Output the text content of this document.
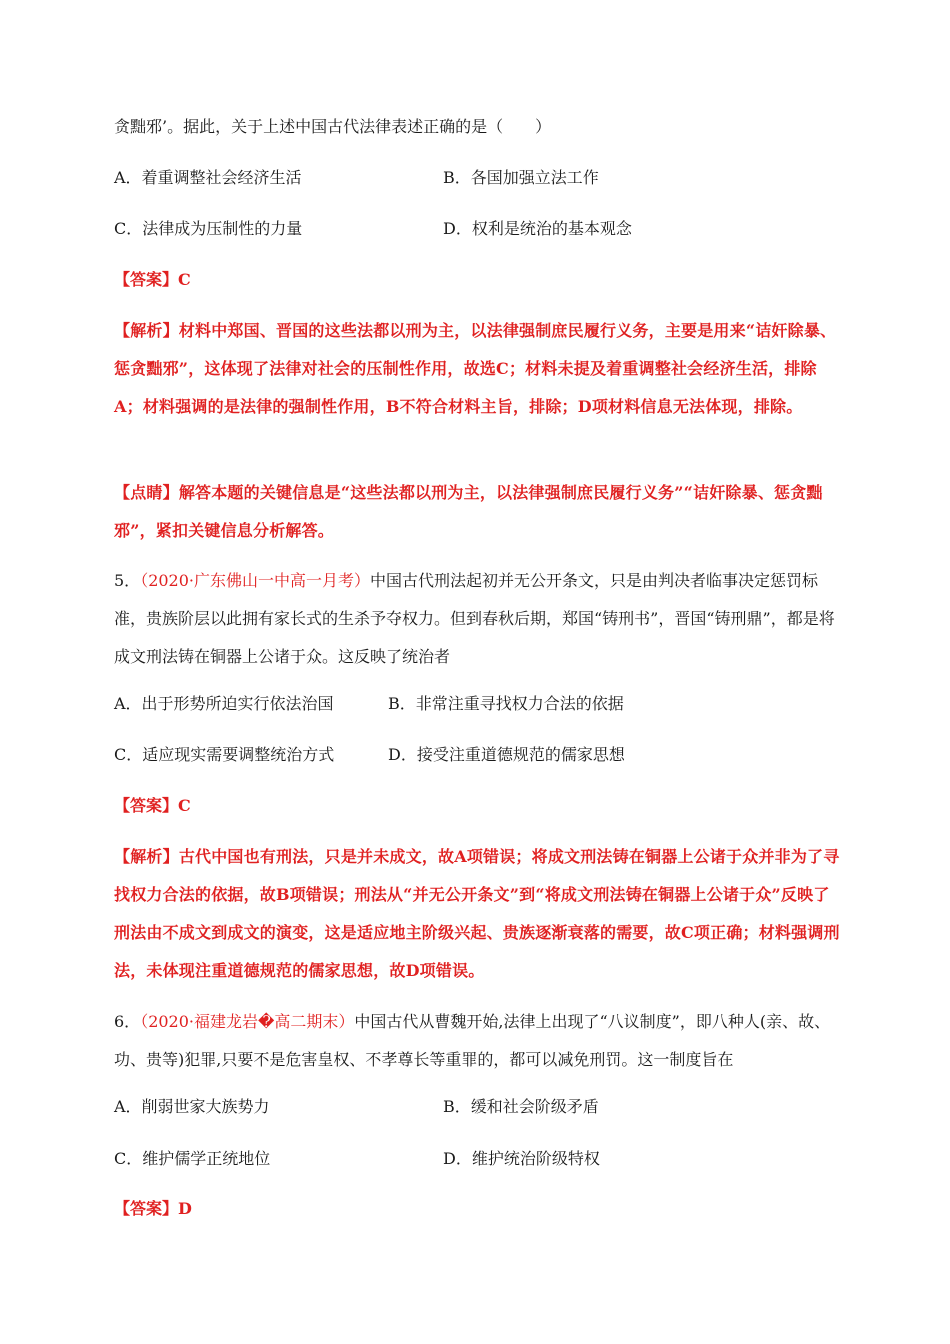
贪黜邪’。据此，关于上述中国古代法律表述正确的是（　　）
A．着重调整社会经济生活	B．各国加强立法工作
C．法律成为压制性的力量	D．权利是统治的基本观念
【答案】C
【解析】材料中郑国、晋国的这些法都以刑为主，以法律强制庶民履行义务，主要是用来“诘奸除暴、惩贪黜邪”，这体现了法律对社会的压制性作用，故选C；材料未提及着重调整社会经济生活，排除A；材料强调的是法律的强制性作用，B不符合材料主旨，排除；D项材料信息无法体现，排除。
【点睛】解答本题的关键信息是“这些法都以刑为主，以法律强制庶民履行义务”“诘奸除暴、惩贪黜邪”，紧扣关键信息分析解答。
5．（2020·广东佛山一中高一月考）中国古代刑法起初并无公开条文，只是由判决者临事决定惩罚标准，贵族阶层以此拥有家长式的生杀予夺权力。但到春秋后期，郑国“铸刑书”，晋国“铸刑鼎”，都是将成文刑法铸在铜器上公诸于众。这反映了统治者
A．出于形势所迫实行依法治国	B．非常注重寻找权力合法的依据
C．适应现实需要调整统治方式	D．接受注重道德规范的儒家思想
【答案】C
【解析】古代中国也有刑法，只是并未成文，故A项错误；将成文刑法铸在铜器上公诸于众并非为了寻找权力合法的依据，故B项错误；刑法从“并无公开条文”到“将成文刑法铸在铜器上公诸于众”反映了刑法由不成文到成文的演变，这是适应地主阶级兴起、贵族逐渐衰落的需要，故C项正确；材料强调刑法，未体现注重道德规范的儒家思想，故D项错误。
6．（2020·福建龙岩�高二期末）中国古代从曹魏开始,法律上出现了“八议制度”，即八种人(亲、故、功、贵等)犯罪,只要不是危害皇权、不孝尊长等重罪的，都可以减免刑罚。这一制度旨在
A．削弱世家大族势力	B．缓和社会阶级矛盾
C．维护儒学正统地位	D．维护统治阶级特权
【答案】D
